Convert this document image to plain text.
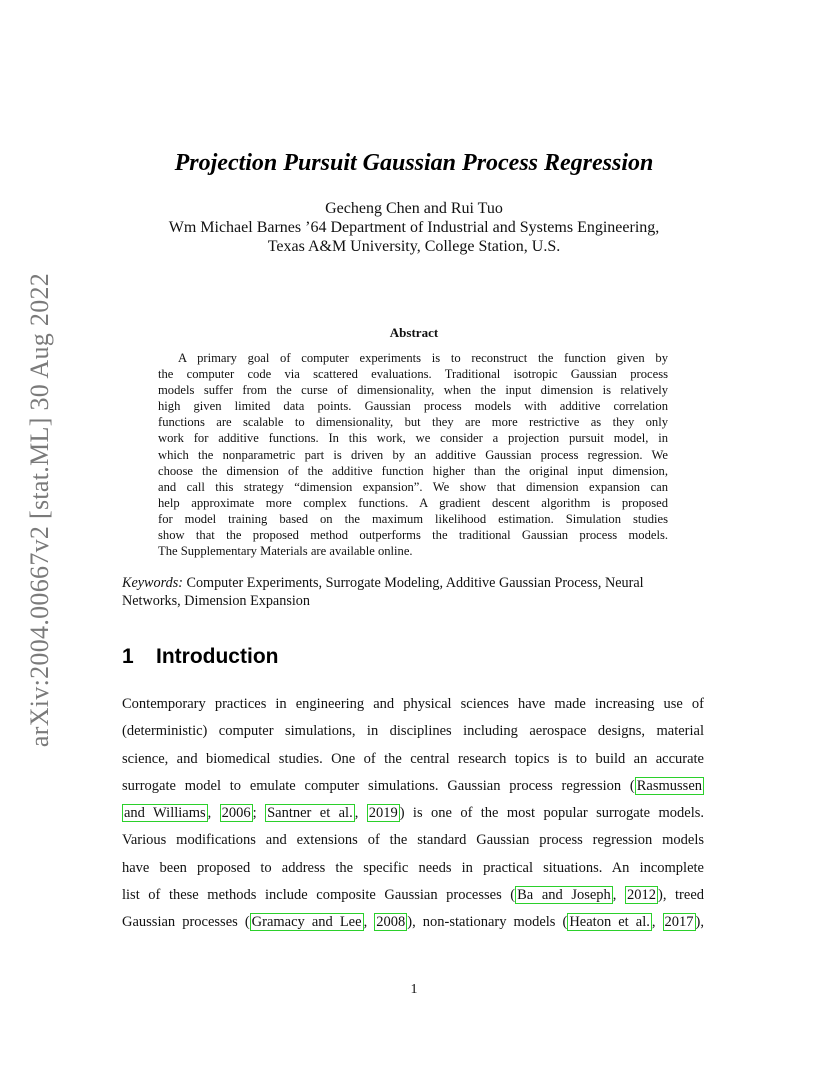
arXiv:2004.00667v2 [stat.ML] 30 Aug 2022
Projection Pursuit Gaussian Process Regression
Gecheng Chen and Rui Tuo
Wm Michael Barnes ’64 Department of Industrial and Systems Engineering,
Texas A&M University, College Station, U.S.
Abstract
A primary goal of computer experiments is to reconstruct the function given by
the computer code via scattered evaluations. Traditional isotropic Gaussian process
models suffer from the curse of dimensionality, when the input dimension is relatively
high given limited data points. Gaussian process models with additive correlation
functions are scalable to dimensionality, but they are more restrictive as they only
work for additive functions. In this work, we consider a projection pursuit model, in
which the nonparametric part is driven by an additive Gaussian process regression. We
choose the dimension of the additive function higher than the original input dimension,
and call this strategy “dimension expansion”. We show that dimension expansion can
help approximate more complex functions. A gradient descent algorithm is proposed
for model training based on the maximum likelihood estimation. Simulation studies
show that the proposed method outperforms the traditional Gaussian process models.
The Supplementary Materials are available online.
Keywords: Computer Experiments, Surrogate Modeling, Additive Gaussian Process, Neural Networks, Dimension Expansion
1 Introduction
Contemporary practices in engineering and physical sciences have made increasing use of
(deterministic) computer simulations, in disciplines including aerospace designs, material
science, and biomedical studies. One of the central research topics is to build an accurate
surrogate model to emulate computer simulations. Gaussian process regression ( Rasmussen
and Williams , 2006 ; Santner et al. , 2019 ) is one of the most popular surrogate models.
Various modifications and extensions of the standard Gaussian process regression models
have been proposed to address the specific needs in practical situations. An incomplete
list of these methods include composite Gaussian processes ( Ba and Joseph , 2012 ), treed
Gaussian processes ( Gramacy and Lee , 2008 ), non-stationary models ( Heaton et al. , 2017 ),
1
